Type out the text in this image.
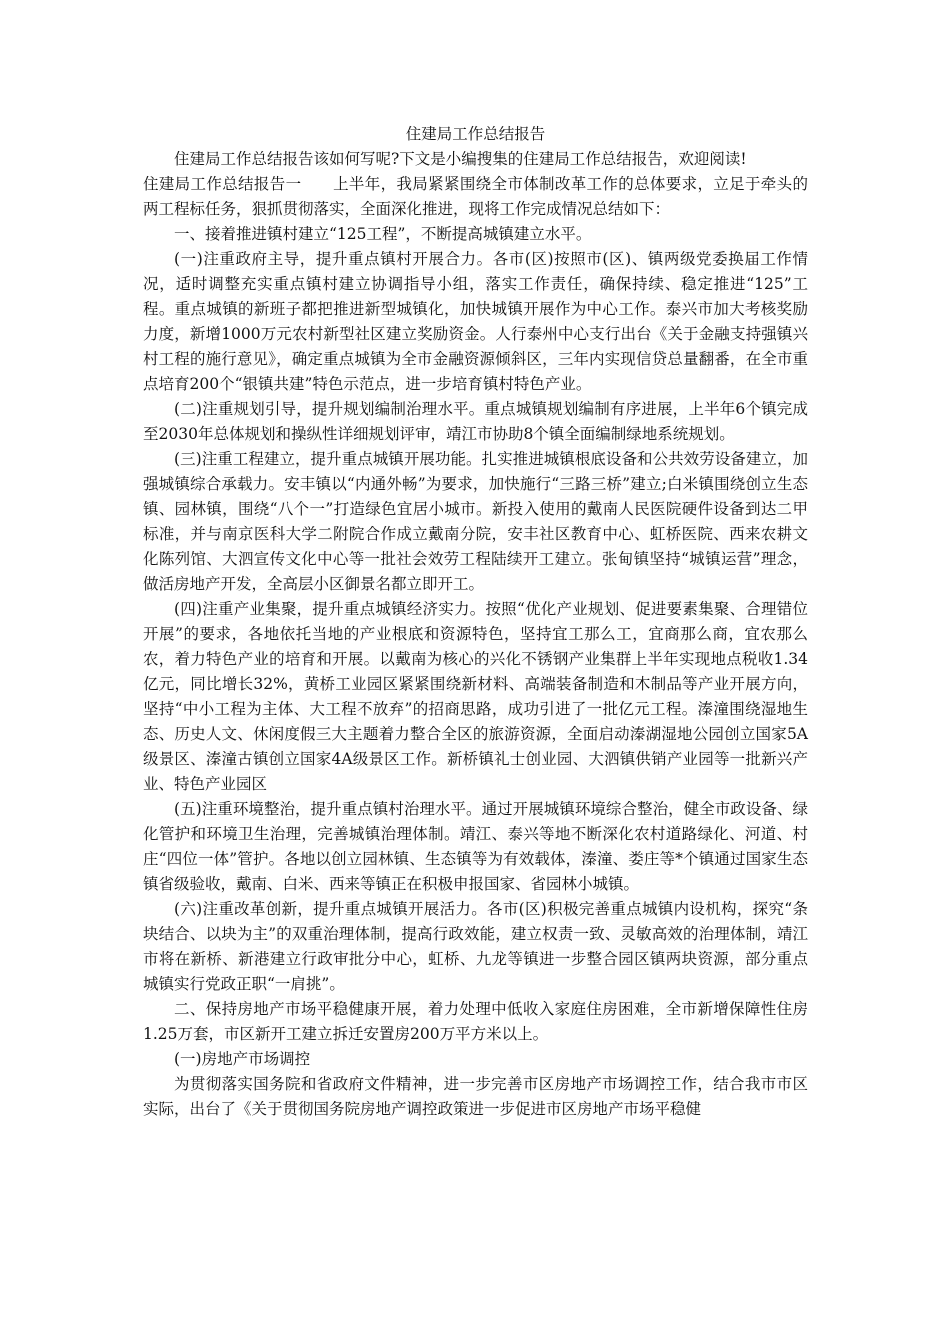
住建局工作总结报告

住建局工作总结报告该如何写呢?下文是小编搜集的住建局工作总结报告，欢迎阅读!

住建局工作总结报告一　　上半年，我局紧紧围绕全市体制改革工作的总体要求，立足于牵头的两工程标任务，狠抓贯彻落实，全面深化推进，现将工作完成情况总结如下：

一、接着推进镇村建立“125工程”，不断提高城镇建立水平。

(一)注重政府主导，提升重点镇村开展合力。各市(区)按照市(区)、镇两级党委换届工作情况，适时调整充实重点镇村建立协调指导小组，落实工作责任，确保持续、稳定推进“125”工程。重点城镇的新班子都把推进新型城镇化，加快城镇开展作为中心工作。泰兴市加大考核奖励力度，新增1000万元农村新型社区建立奖励资金。人行泰州中心支行出台《关于金融支持强镇兴村工程的施行意见》，确定重点城镇为全市金融资源倾斜区，三年内实现信贷总量翻番，在全市重点培育200个“银镇共建”特色示范点，进一步培育镇村特色产业。

(二)注重规划引导，提升规划编制治理水平。重点城镇规划编制有序进展，上半年6个镇完成至2030年总体规划和操纵性详细规划评审，靖江市协助8个镇全面编制绿地系统规划。

(三)注重工程建立，提升重点城镇开展功能。扎实推进城镇根底设备和公共效劳设备建立，加强城镇综合承载力。安丰镇以“内通外畅”为要求，加快施行“三路三桥”建立;白米镇围绕创立生态镇、园林镇，围绕“八个一”打造绿色宜居小城市。新投入使用的戴南人民医院硬件设备到达二甲标准，并与南京医科大学二附院合作成立戴南分院，安丰社区教育中心、虹桥医院、西来农耕文化陈列馆、大泗宣传文化中心等一批社会效劳工程陆续开工建立。张甸镇坚持“城镇运营”理念，做活房地产开发，全高层小区御景名都立即开工。

(四)注重产业集聚，提升重点城镇经济实力。按照“优化产业规划、促进要素集聚、合理错位开展”的要求，各地依托当地的产业根底和资源特色，坚持宜工那么工，宜商那么商，宜农那么农，着力特色产业的培育和开展。以戴南为核心的兴化不锈钢产业集群上半年实现地点税收1.34亿元，同比增长32%，黄桥工业园区紧紧围绕新材料、高端装备制造和木制品等产业开展方向，坚持“中小工程为主体、大工程不放弃”的招商思路，成功引进了一批亿元工程。溱潼围绕湿地生态、历史人文、休闲度假三大主题着力整合全区的旅游资源，全面启动溱湖湿地公园创立国家5A级景区、溱潼古镇创立国家4A级景区工作。新桥镇礼士创业园、大泗镇供销产业园等一批新兴产业、特色产业园区

(五)注重环境整治，提升重点镇村治理水平。通过开展城镇环境综合整治，健全市政设备、绿化管护和环境卫生治理，完善城镇治理体制。靖江、泰兴等地不断深化农村道路绿化、河道、村庄“四位一体”管护。各地以创立园林镇、生态镇等为有效载体，溱潼、娄庄等*个镇通过国家生态镇省级验收，戴南、白米、西来等镇正在积极申报国家、省园林小城镇。

(六)注重改革创新，提升重点城镇开展活力。各市(区)积极完善重点城镇内设机构，探究“条块结合、以块为主”的双重治理体制，提高行政效能，建立权责一致、灵敏高效的治理体制，靖江市将在新桥、新港建立行政审批分中心，虹桥、九龙等镇进一步整合园区镇两块资源，部分重点城镇实行党政正职“一肩挑”。

二、保持房地产市场平稳健康开展，着力处理中低收入家庭住房困难，全市新增保障性住房1.25万套，市区新开工建立拆迁安置房200万平方米以上。

(一)房地产市场调控

为贯彻落实国务院和省政府文件精神，进一步完善市区房地产市场调控工作，结合我市市区实际，出台了《关于贯彻国务院房地产调控政策进一步促进市区房地产市场平稳健
